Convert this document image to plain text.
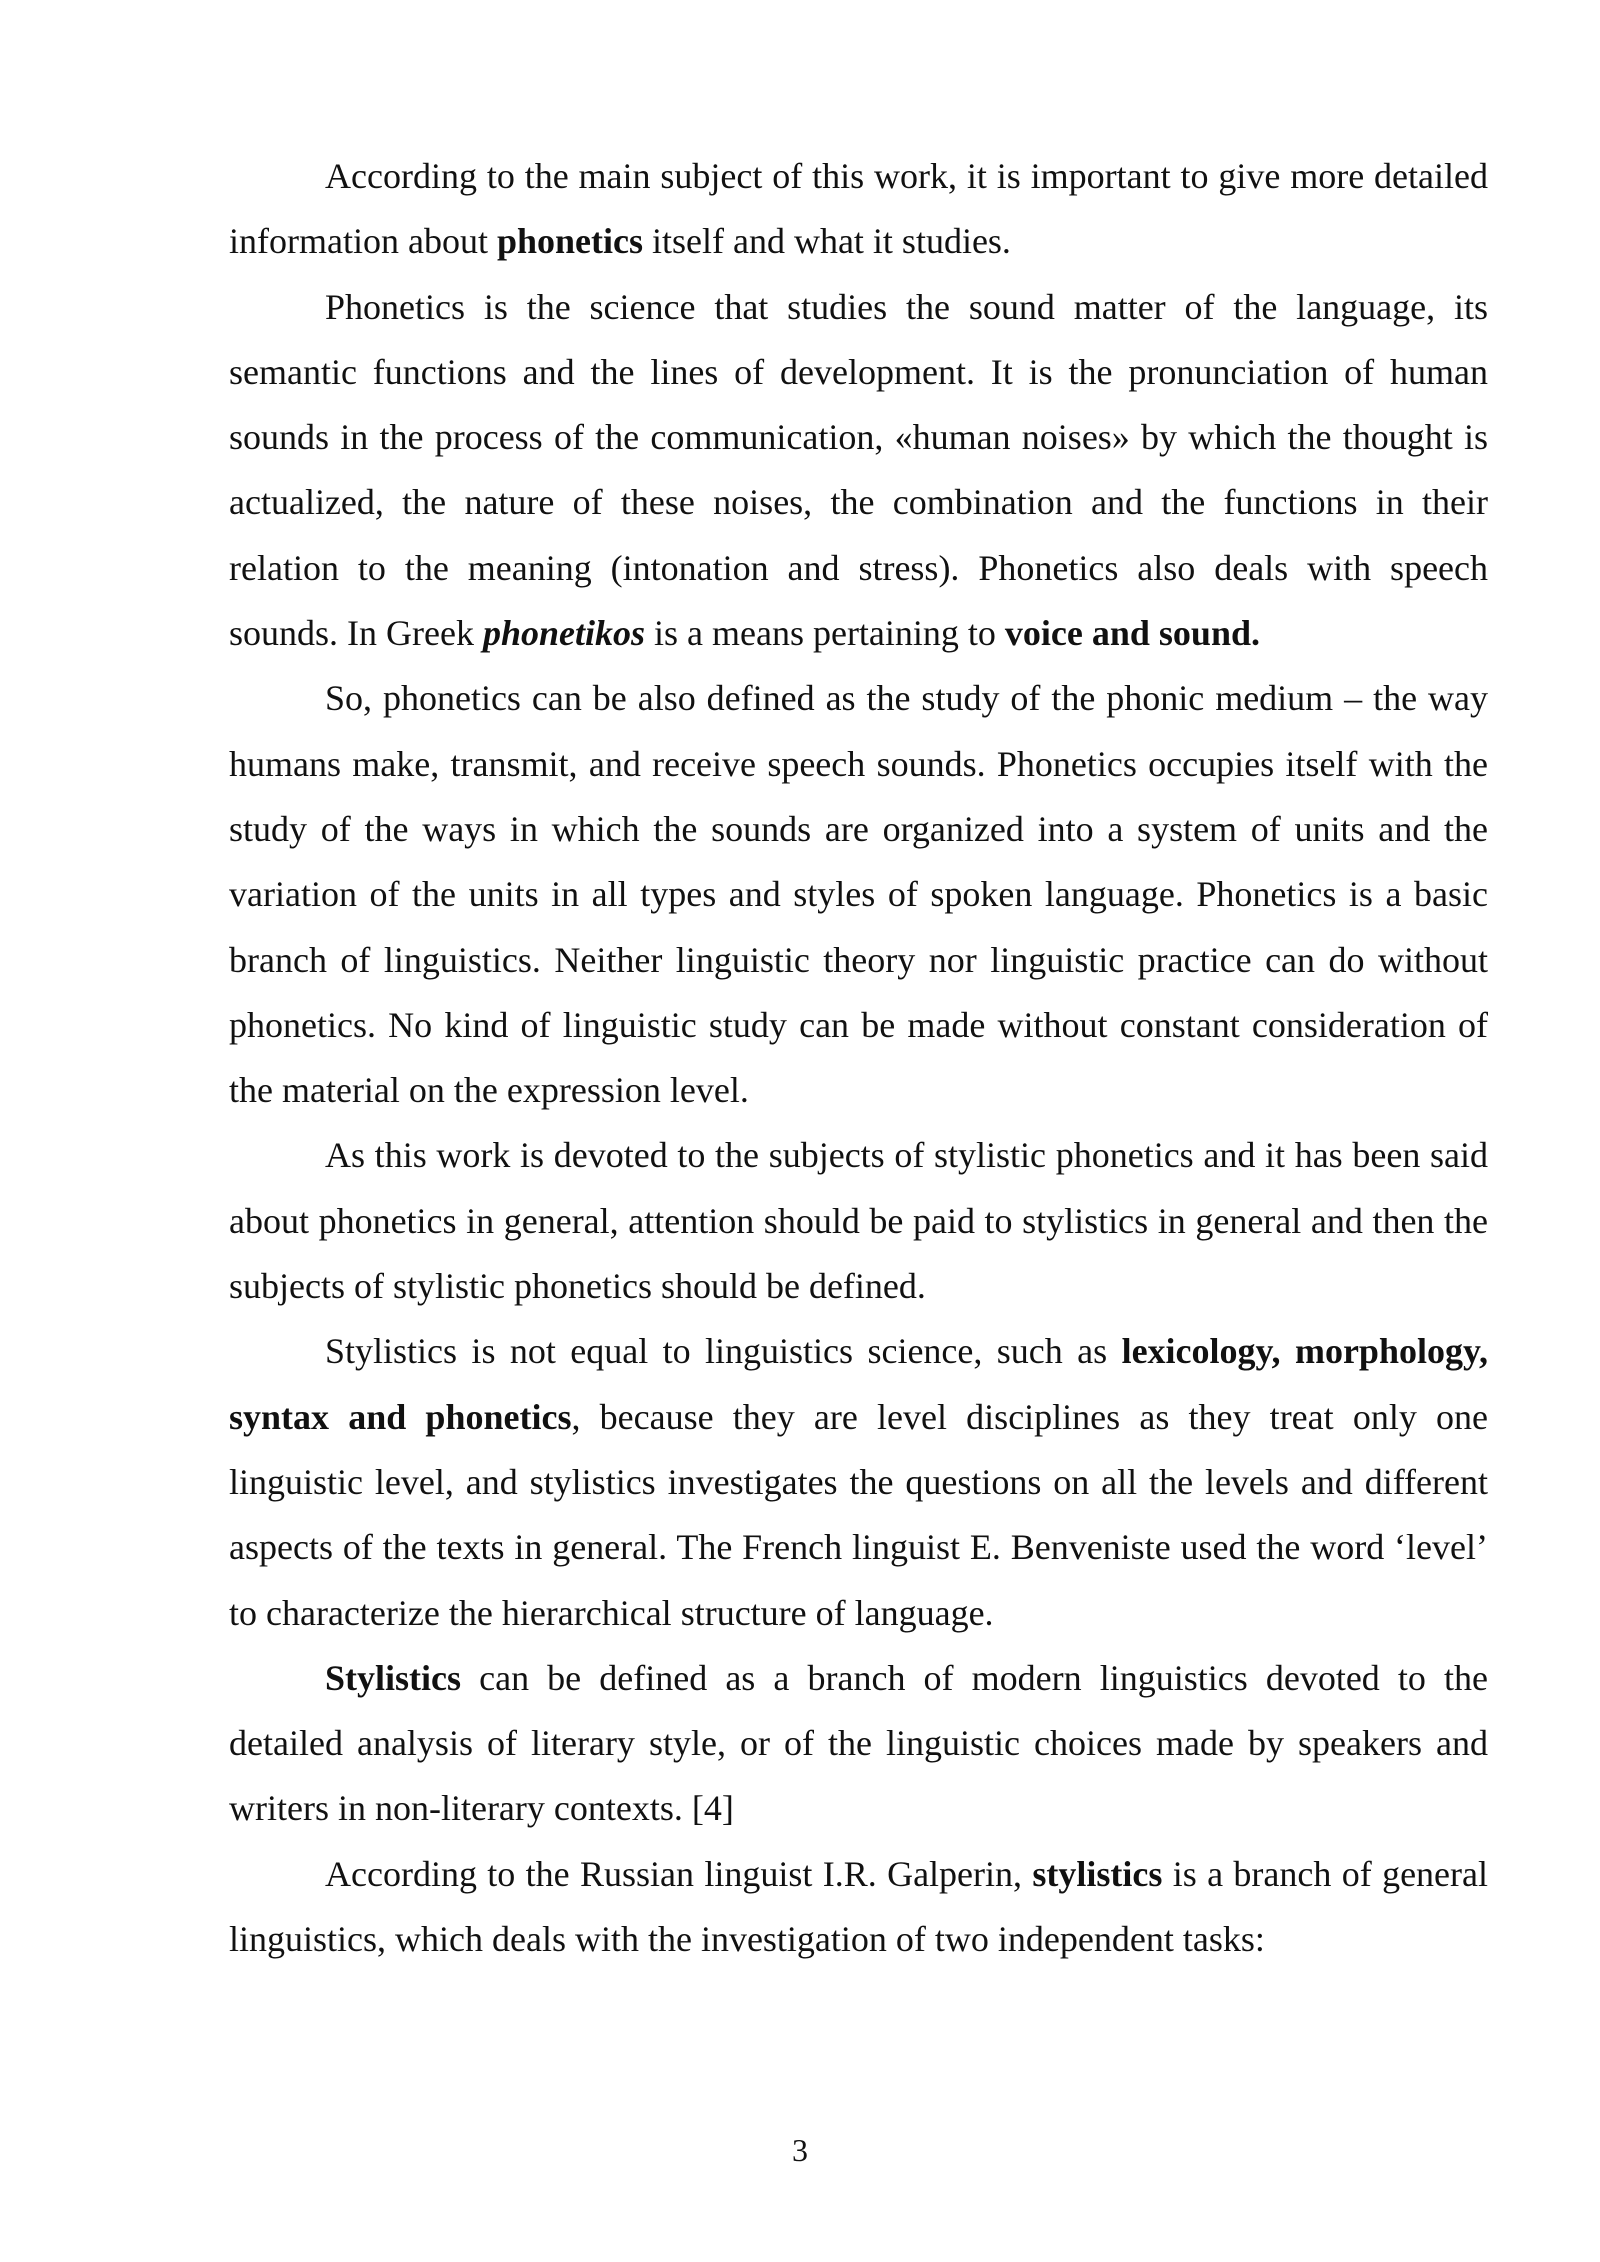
According to the main subject of this work, it is important to give more detailed information about phonetics itself and what it studies.

Phonetics is the science that studies the sound matter of the language, its semantic functions and the lines of development. It is the pronunciation of human sounds in the process of the communication, «human noises» by which the thought is actualized, the nature of these noises, the combination and the functions in their relation to the meaning (intonation and stress). Phonetics also deals with speech sounds. In Greek phonetikos is a means pertaining to voice and sound.

So, phonetics can be also defined as the study of the phonic medium – the way humans make, transmit, and receive speech sounds. Phonetics occupies itself with the study of the ways in which the sounds are organized into a system of units and the variation of the units in all types and styles of spoken language. Phonetics is a basic branch of linguistics. Neither linguistic theory nor linguistic practice can do without phonetics. No kind of linguistic study can be made without constant consideration of the material on the expression level.

As this work is devoted to the subjects of stylistic phonetics and it has been said about phonetics in general, attention should be paid to stylistics in general and then the subjects of stylistic phonetics should be defined.

Stylistics is not equal to linguistics science, such as lexicology, morphology, syntax and phonetics, because they are level disciplines as they treat only one linguistic level, and stylistics investigates the questions on all the levels and different aspects of the texts in general. The French linguist E. Benveniste used the word ‘level’ to characterize the hierarchical structure of language.

Stylistics can be defined as a branch of modern linguistics devoted to the detailed analysis of literary style, or of the linguistic choices made by speakers and writers in non-literary contexts. [4]

According to the Russian linguist I.R. Galperin, stylistics is a branch of general linguistics, which deals with the investigation of two independent tasks:

3
